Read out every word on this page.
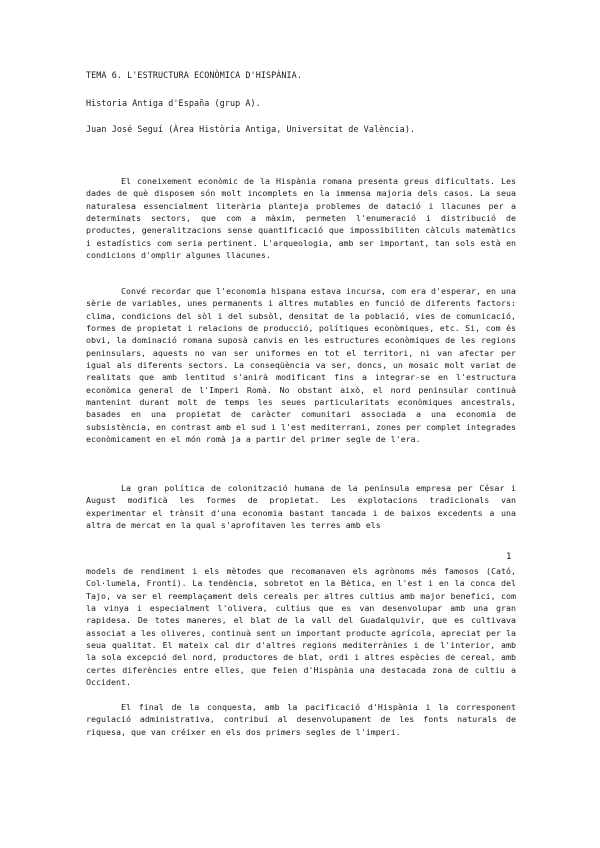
TEMA 6. L'ESTRUCTURA ECONÒMICA D'HISPÀNIA.
Historia Antiga d'España (grup A).
Juan José Seguí (Àrea Història Antiga, Universitat de València).

El coneixement econòmic de la Hispània romana presenta greus dificultats. Les dades de què disposem són molt incomplets en la immensa majoria dels casos. La seua naturalesa essencialment literària planteja problemes de datació i llacunes per a determinats sectors, que com a màxim, permeten l'enumeració i distribució de productes, generalitzacions sense quantificació que impossibiliten càlculs matemàtics i estadístics com seria pertinent. L'arqueologia, amb ser important, tan sols està en condicions d'omplir algunes llacunes.

Convé recordar que l'economia hispana estava incursa, com era d'esperar, en una sèrie de variables, unes permanents i altres mutables en funció de diferents factors: clima, condicions del sòl i del subsòl, densitat de la població, vies de comunicació, formes de propietat i relacions de producció, polítiques econòmiques, etc. Si, com és obvi, la dominació romana suposà canvis en les estructures econòmiques de les regions peninsulars, aquests no van ser uniformes en tot el territori, ni van afectar per igual als diferents sectors. La conseqüència va ser, doncs, un mosaic molt variat de realitats que amb lentitud s'anirà modificant fins a integrar-se en l'estructura econòmica general de l'Imperi Romà. No obstant això, el nord peninsular continuà mantenint durant molt de temps les seues particularitats econòmiques ancestrals, basades en una propietat de caràcter comunitari associada a una economia de subsistència, en contrast amb el sud i l'est mediterrani, zones per complet integrades econòmicament en el món romà ja a partir del primer segle de l'era.

La gran política de colonització humana de la península empresa per César i August modificà les formes de propietat. Les explotacions tradicionals van experimentar el trànsit d'una economia bastant tancada i de baixos excedents a una altra de mercat en la qual s'aprofitaven les terres amb els

1

models de rendiment i els mètodes que recomanaven els agrònoms més famosos (Cató, Col·lumela, Frontí). La tendència, sobretot en la Bètica, en l'est i en la conca del Tajo, va ser el reemplaçament dels cereals per altres cultius amb major benefici, com la vinya i especialment l'olivera, cultius que es van desenvolupar amb una gran rapidesa. De totes maneres, el blat de la vall del Guadalquivir, que es cultivava associat a les oliveres, continuà sent un important producte agrícola, apreciat per la seua qualitat. El mateix cal dir d'altres regions mediterrànies i de l'interior, amb la sola excepció del nord, productores de blat, ordi i altres espècies de cereal, amb certes diferències entre elles, que feien d'Hispània una destacada zona de cultiu a Occident.

El final de la conquesta, amb la pacificació d'Hispània i la corresponent regulació administrativa, contribuí al desenvolupament de les fonts naturals de riquesa, que van créixer en els dos primers segles de l'imperi.
